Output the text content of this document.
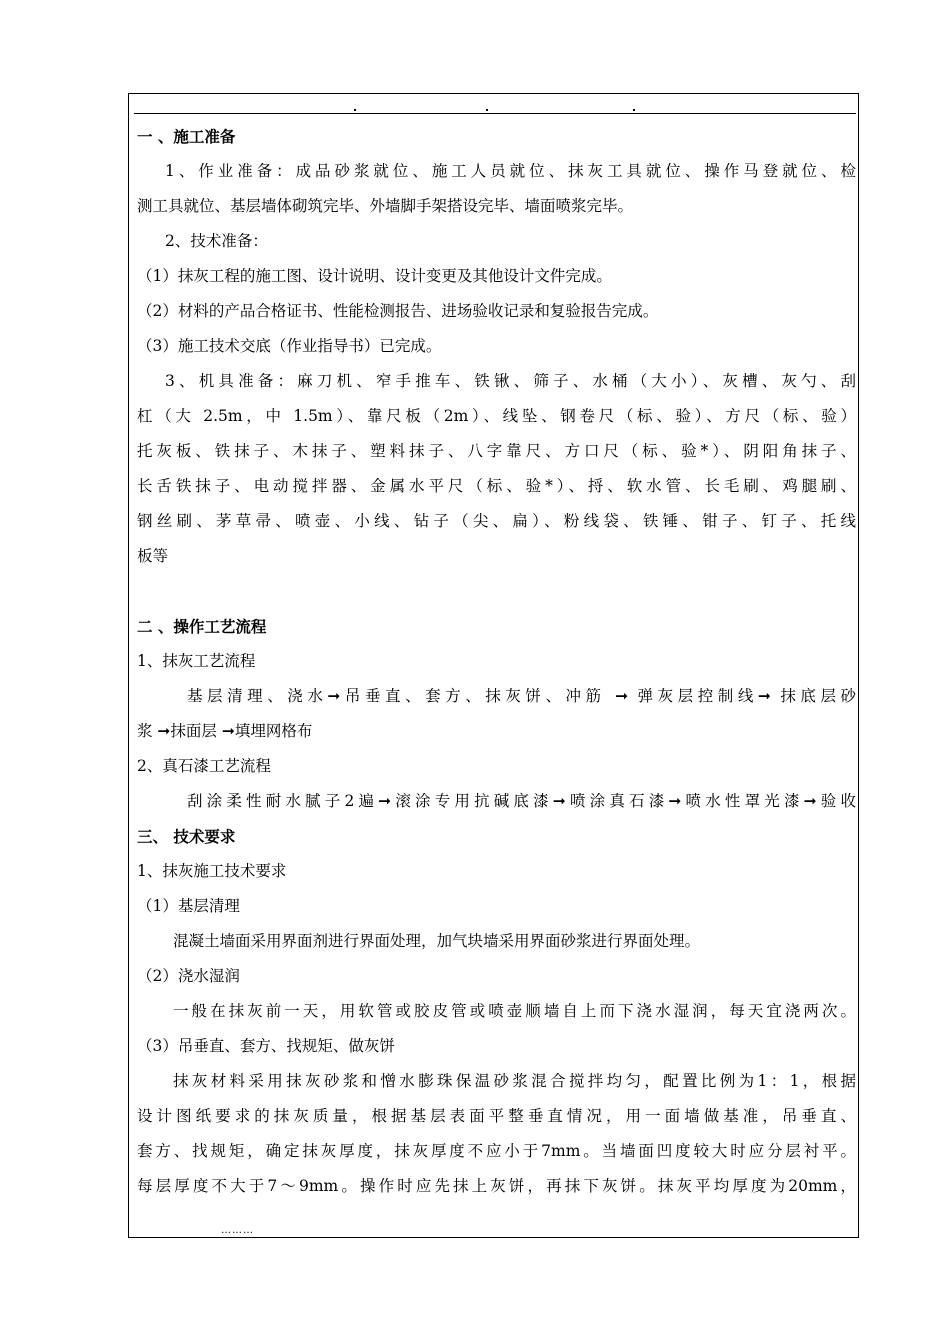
一 、施工准备
1、作业准备：成品砂浆就位、施工人员就位、抹灰工具就位、操作马登就位、检
测工具就位、基层墙体砌筑完毕、外墙脚手架搭设完毕、墙面喷浆完毕。
2、技术准备：
（1）抹灰工程的施工图、设计说明、设计变更及其他设计文件完成。
（2）材料的产品合格证书、性能检测报告、进场验收记录和复验报告完成。
（3）施工技术交底（作业指导书）已完成。
3、机具准备：麻刀机、窄手推车、铁锹、筛子、水桶（大小）、灰槽、灰勺、刮
杠（大 2.5m，中 1.5m）、靠尺板（2m）、线坠、钢卷尺（标、验）、方尺（标、验）
托灰板、铁抹子、木抹子、塑料抹子、八字靠尺、方口尺（标、验*）、阴阳角抹子、
长舌铁抹子、电动搅拌器、金属水平尺（标、验*）、捋、软水管、长毛刷、鸡腿刷、
钢丝刷、茅草帚、喷壶、小线、钻子（尖、扁）、粉线袋、铁锤、钳子、钉子、托线
板等
二 、操作工艺流程
1、抹灰工艺流程
基层清理、浇水➞吊垂直、套方、抹灰饼、冲筋 ➞ 弹灰层控制线➞ 抹底层砂
浆 ➞抹面层 ➞填埋网格布
2、真石漆工艺流程
刮涂柔性耐水腻子2遍➞滚涂专用抗碱底漆➞喷涂真石漆➞喷水性罩光漆➞验收
三、 技术要求
1、抹灰施工技术要求
（1）基层清理
混凝土墙面采用界面剂进行界面处理，加气块墙采用界面砂浆进行界面处理。
（2）浇水湿润
一般在抹灰前一天，用软管或胶皮管或喷壶顺墙自上而下浇水湿润，每天宜浇两次。
（3）吊垂直、套方、找规矩、做灰饼
抹灰材料采用抹灰砂浆和憎水膨珠保温砂浆混合搅拌均匀，配置比例为1：1，根据
设计图纸要求的抹灰质量，根据基层表面平整垂直情况，用一面墙做基准，吊垂直、
套方、找规矩，确定抹灰厚度，抹灰厚度不应小于7mm。当墙面凹度较大时应分层衬平。
每层厚度不大于7～9mm。操作时应先抹上灰饼，再抹下灰饼。抹灰平均厚度为20mm，
………
